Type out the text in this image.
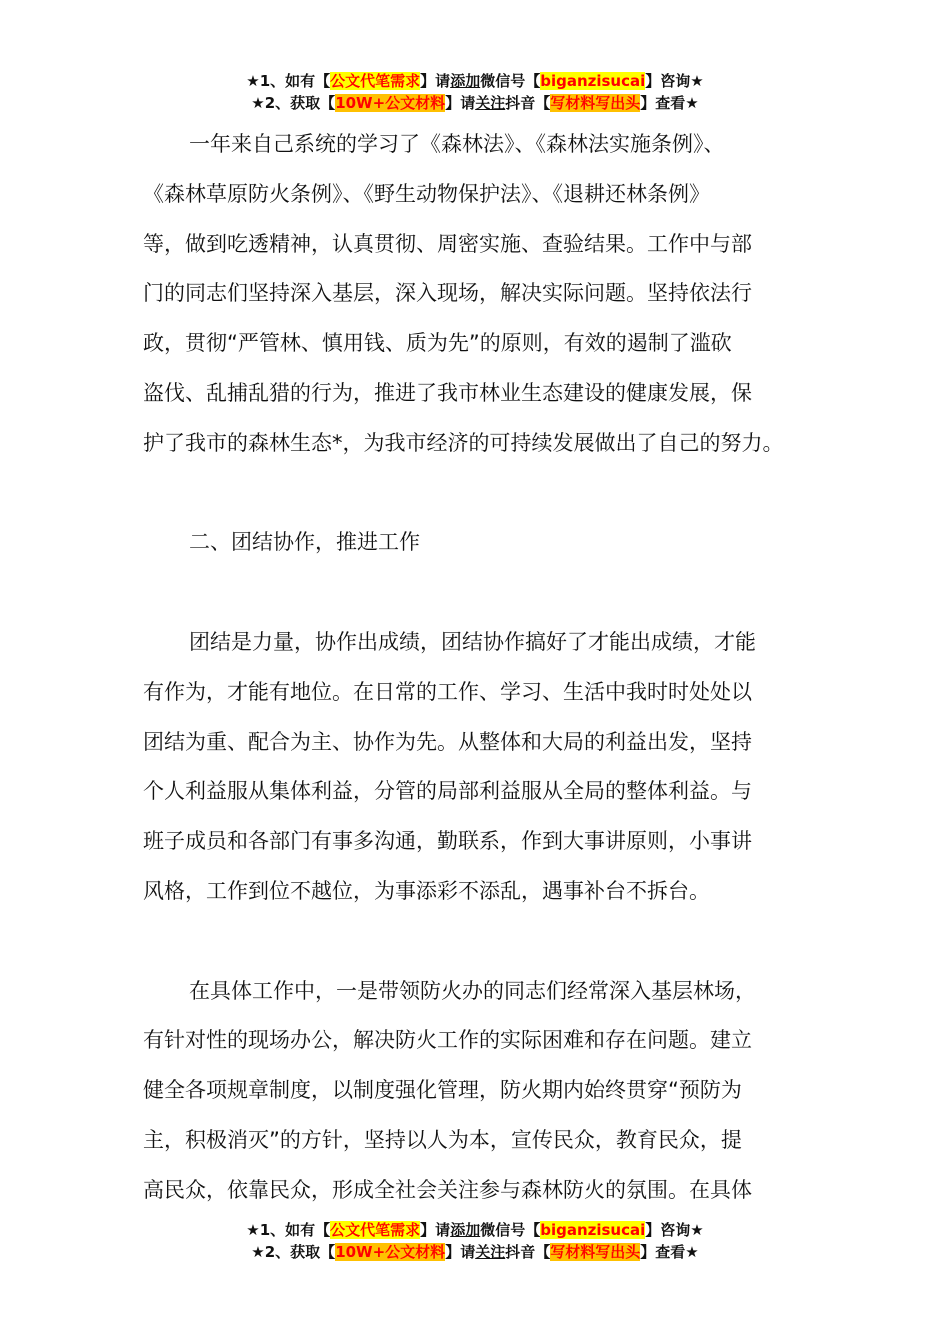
★1、如有【公文代笔需求】请添加微信号【biganzisucai】咨询★
★2、获取【10W+公文材料】请关注抖音【写材料写出头】查看★

一年来自己系统的学习了《森林法》、《森林法实施条例》、

《森林草原防火条例》、《野生动物保护法》、《退耕还林条例》

等，做到吃透精神，认真贯彻、周密实施、查验结果。工作中与部

门的同志们坚持深入基层，深入现场，解决实际问题。坚持依法行

政，贯彻“严管林、慎用钱、质为先”的原则，有效的遏制了滥砍

盗伐、乱捕乱猎的行为，推进了我市林业生态建设的健康发展，保

护了我市的森林生态*，为我市经济的可持续发展做出了自己的努力。

二、团结协作，推进工作

团结是力量，协作出成绩，团结协作搞好了才能出成绩，才能

有作为，才能有地位。在日常的工作、学习、生活中我时时处处以

团结为重、配合为主、协作为先。从整体和大局的利益出发，坚持

个人利益服从集体利益，分管的局部利益服从全局的整体利益。与

班子成员和各部门有事多沟通，勤联系，作到大事讲原则，小事讲

风格，工作到位不越位，为事添彩不添乱，遇事补台不拆台。

在具体工作中，一是带领防火办的同志们经常深入基层林场，

有针对性的现场办公，解决防火工作的实际困难和存在问题。建立

健全各项规章制度，以制度强化管理，防火期内始终贯穿“预防为

主，积极消灭”的方针，坚持以人为本，宣传民众，教育民众，提

高民众，依靠民众，形成全社会关注参与森林防火的氛围。在具体

★1、如有【公文代笔需求】请添加微信号【biganzisucai】咨询★
★2、获取【10W+公文材料】请关注抖音【写材料写出头】查看★
